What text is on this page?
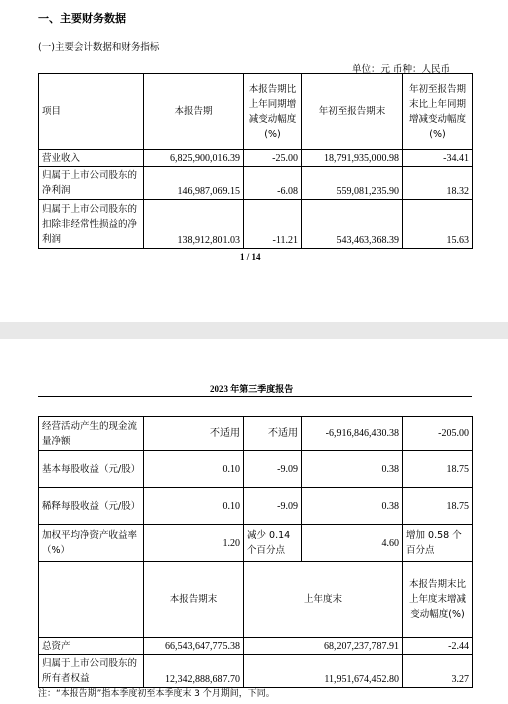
一、主要财务数据
(一)主要会计数据和财务指标
单位：元 币种：人民币
项目	本报告期	本报告期比上年同期增减变动幅度(%)	年初至报告期末	年初至报告期末比上年同期增减变动幅度(%)
营业收入	6,825,900,016.39	-25.00	18,791,935,000.98	-34.41
归属于上市公司股东的净利润	146,987,069.15	-6.08	559,081,235.90	18.32
归属于上市公司股东的扣除非经常性损益的净利润	138,912,801.03	-11.21	543,463,368.39	15.63
1 / 14
2023 年第三季度报告
经营活动产生的现金流量净额	不适用	不适用	-6,916,846,430.38	-205.00
基本每股收益（元/股）	0.10	-9.09	0.38	18.75
稀释每股收益（元/股）	0.10	-9.09	0.38	18.75
加权平均净资产收益率（%）	1.20	减少 0.14 个百分点	4.60	增加 0.58 个百分点
	本报告期末	上年度末		本报告期末比上年度末增减变动幅度(%)
总资产	66,543,647,775.38	68,207,237,787.91		-2.44
归属于上市公司股东的所有者权益	12,342,888,687.70	11,951,674,452.80		3.27
注：“本报告期”指本季度初至本季度末 3 个月期间，下同。
